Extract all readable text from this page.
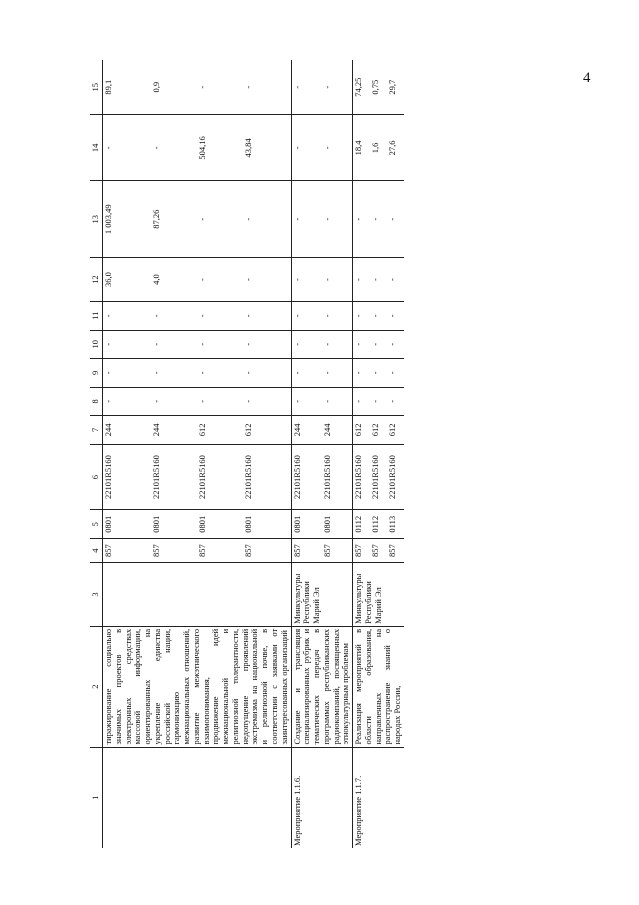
4
1	2	3	4	5	6	7	8	9	10	11	12	13	14	15
	тиражирование социально значимых проектов в электронных средствах массовой информации, ориентированных на укрепление единства российской нации, гармонизацию межнациональных отношений, развитие межэтнического взаимопонимания, продвижение идей межнациональной и религиозной толерантности, недопущение проявлений экстремизма на национальной и религиозной почве, в соответствии с заявками от заинтересованных организаций		857	0801	22101R5160	244	-	-	-	-	36,0	1 003,49	-	89,1
			857	0801	22101R5160	244	-	-	-	-	4,0	87,26	-	0,9
			857	0801	22101R5160	612	-	-	-	-	-	-	504,16	-
			857	0801	22101R5160	612	-	-	-	-	-	-	43,84	-
Мероприятие 1.1.6.	Создание и трансляция специализированных рубрик и тематических передач в программах республиканских радиокомпаний, посвященных этнокультурным проблемам	Минкультуры Республики Марий Эл	857	0801	22101R5160	244	-	-	-	-	-	-	-	-
			857	0801	22101R5160	244	-	-	-	-	-	-	-	-
Мероприятие 1.1.7.	Реализация мероприятий в области образования, направленных на распространение знаний о народах России,	Минкультуры Республики Марий Эл	857	0112	22101R5160	612	-	-	-	-	-	-	18,4	74,25
			857	0112	22101R5160	612	-	-	-	-	-	-	1,6	0,75
			857	0113	22101R5160	612	-	-	-	-	-	-	27,6	29,7
